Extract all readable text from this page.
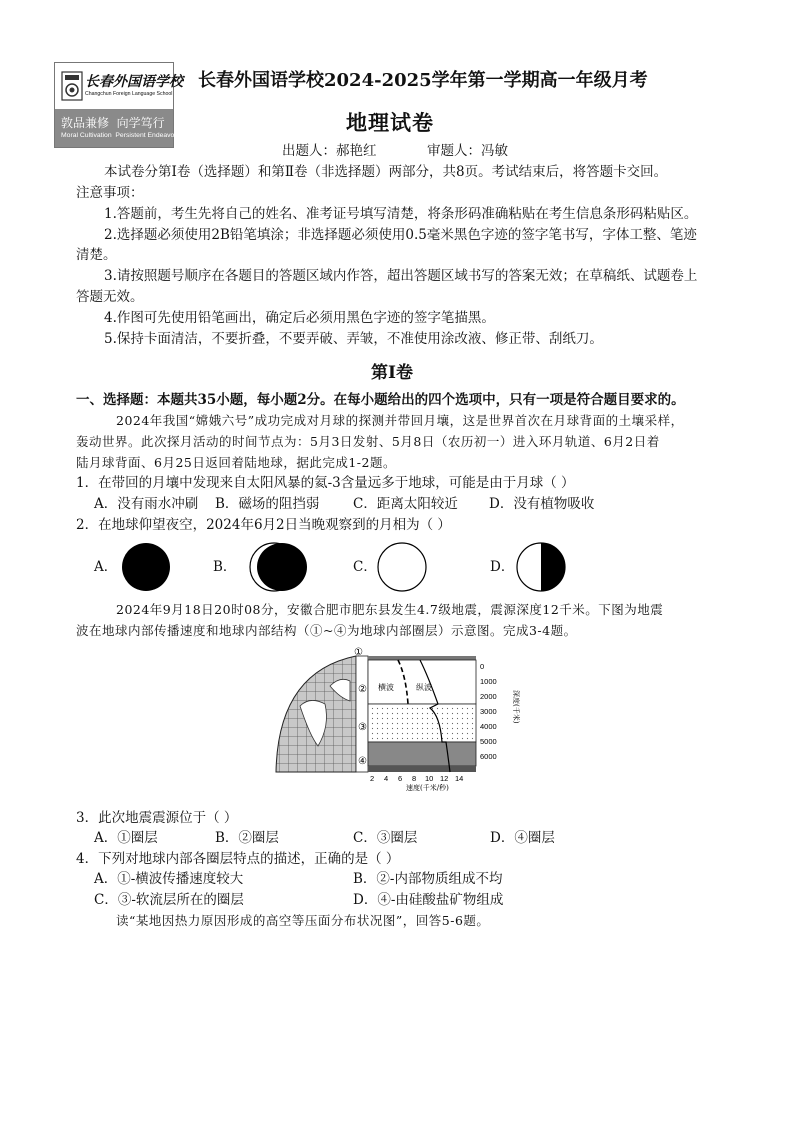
长春外国语学校
Changchun Foreign Language School
敦品兼修  向学笃行
Moral Cultivation  Persistent Endeavor
长春外国语学校2024-2025学年第一学期高一年级月考
地理试卷
出题人：郝艳红	审题人：冯敏
本试卷分第Ⅰ卷（选择题）和第Ⅱ卷（非选择题）两部分，共8页。考试结束后，将答题卡交回。
注意事项：
1.答题前，考生先将自己的姓名、准考证号填写清楚，将条形码准确粘贴在考生信息条形码粘贴区。
2.选择题必须使用2B铅笔填涂；非选择题必须使用0.5毫米黑色字迹的签字笔书写，字体工整、笔迹
清楚。
3.请按照题号顺序在各题目的答题区域内作答，超出答题区域书写的答案无效；在草稿纸、试题卷上
答题无效。
4.作图可先使用铅笔画出，确定后必须用黑色字迹的签字笔描黑。
5.保持卡面清洁，不要折叠，不要弄破、弄皱，不准使用涂改液、修正带、刮纸刀。
第Ⅰ卷
一、选择题：本题共35小题，每小题2分。在每小题给出的四个选项中，只有一项是符合题目要求的。
2024年我国“嫦娥六号”成功完成对月球的探测并带回月壤，这是世界首次在月球背面的土壤采样，
轰动世界。此次探月活动的时间节点为：5月3日发射、5月8日（农历初一）进入环月轨道、6月2日着
陆月球背面、6月25日返回着陆地球，据此完成1-2题。
1．在带回的月壤中发现来自太阳风暴的氦-3含量远多于地球，可能是由于月球（ ）
A．没有雨水冲刷 B．磁场的阻挡弱 C．距离太阳较近 D．没有植物吸收
2．在地球仰望夜空，2024年6月2日当晚观察到的月相为（ ）
A．	B．	C．	D．
2024年9月18日20时08分，安徽合肥市肥东县发生4.7级地震，震源深度12千米。下图为地震
波在地球内部传播速度和地球内部结构（①~④为地球内部圈层）示意图。完成3-4题。
①
②
③
④
横波	纵波
0
1000
2000
3000
4000
5000
6000
深度(千米)
2 4 6 8 10 12 14
速度(千米/秒)
3．此次地震震源位于（ ）
A．①圈层	B．②圈层	C．③圈层	D．④圈层
4．下列对地球内部各圈层特点的描述，正确的是（ ）
A．①-横波传播速度较大	B．②-内部物质组成不均
C．③-软流层所在的圈层	D．④-由硅酸盐矿物组成
读“某地因热力原因形成的高空等压面分布状况图”，回答5-6题。
